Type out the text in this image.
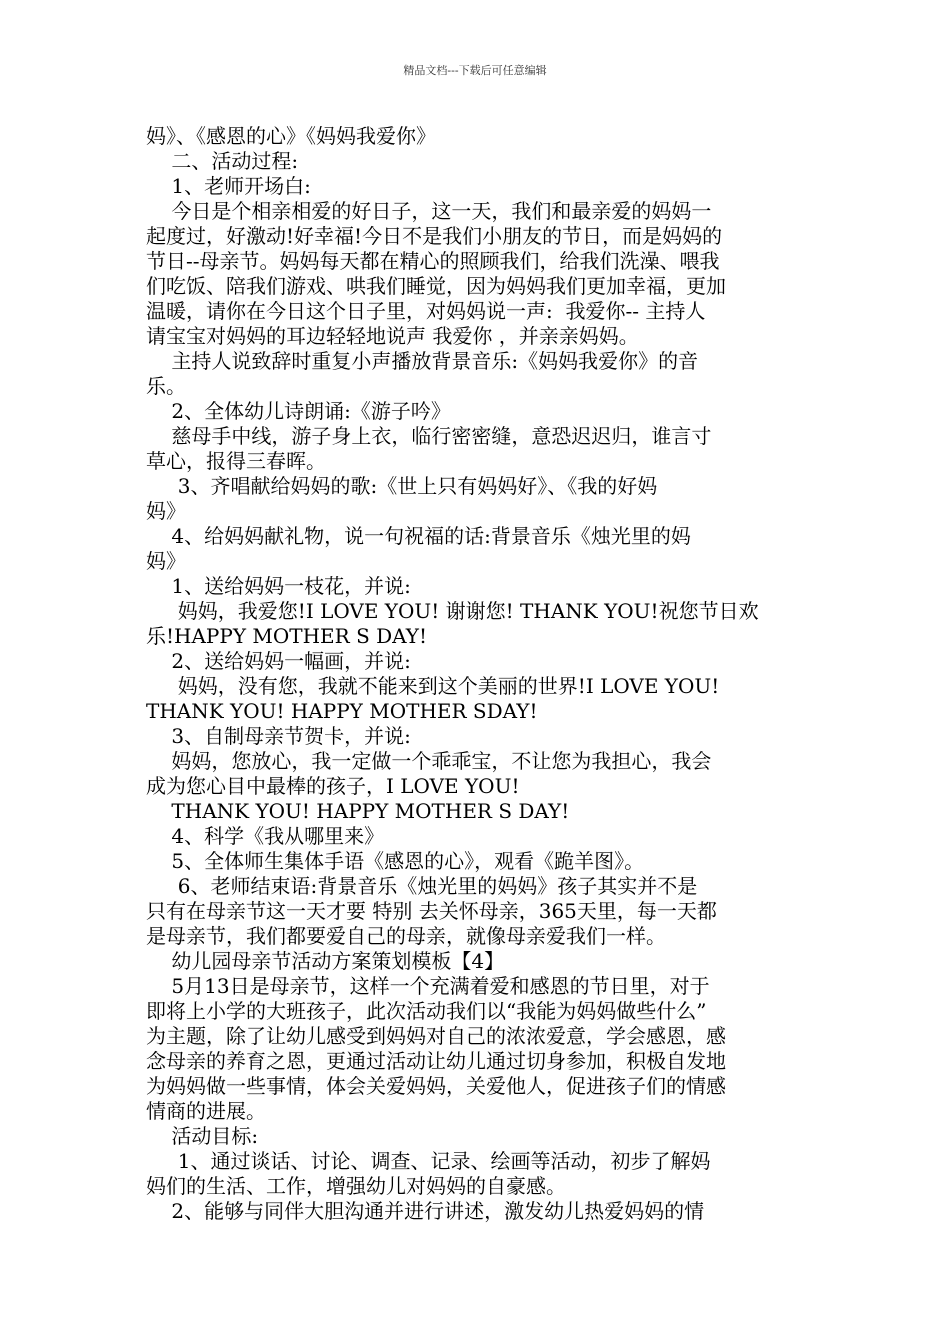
精品文档---下载后可任意编辑
妈》、《感恩的心》《妈妈我爱你》
二、活动过程:
1、老师开场白:
今日是个相亲相爱的好日子，这一天，我们和最亲爱的妈妈一
起度过，好激动!好幸福!今日不是我们小朋友的节日，而是妈妈的
节日--母亲节。妈妈每天都在精心的照顾我们，给我们洗澡、喂我
们吃饭、陪我们游戏、哄我们睡觉，因为妈妈我们更加幸福，更加
温暖，请你在今日这个日子里，对妈妈说一声:  我爱你-- 主持人
请宝宝对妈妈的耳边轻轻地说声 我爱你 ，并亲亲妈妈。
主持人说致辞时重复小声播放背景音乐:《妈妈我爱你》的音
乐。
2、全体幼儿诗朗诵:《游子吟》
慈母手中线，游子身上衣，临行密密缝，意恐迟迟归，谁言寸
草心，报得三春晖。
3、齐唱献给妈妈的歌:《世上只有妈妈好》、《我的好妈
妈》
4、给妈妈献礼物，说一句祝福的话:背景音乐《烛光里的妈
妈》
1、送给妈妈一枝花，并说:
妈妈，我爱您!I LOVE YOU! 谢谢您! THANK YOU!祝您节日欢
乐!HAPPY MOTHER S DAY!
2、送给妈妈一幅画，并说:
妈妈，没有您，我就不能来到这个美丽的世界!I LOVE YOU!
THANK YOU! HAPPY MOTHER SDAY!
3、自制母亲节贺卡，并说:
妈妈，您放心，我一定做一个乖乖宝，不让您为我担心，我会
成为您心目中最棒的孩子，I LOVE YOU!
THANK YOU! HAPPY MOTHER S DAY!
4、科学《我从哪里来》
5、全体师生集体手语《感恩的心》，观看《跪羊图》。
6、老师结束语:背景音乐《烛光里的妈妈》孩子其实并不是
只有在母亲节这一天才要 特别 去关怀母亲，365天里，每一天都
是母亲节，我们都要爱自己的母亲，就像母亲爱我们一样。
幼儿园母亲节活动方案策划模板【4】
5月13日是母亲节，这样一个充满着爱和感恩的节日里，对于
即将上小学的大班孩子，此次活动我们以“我能为妈妈做些什么”
为主题，除了让幼儿感受到妈妈对自己的浓浓爱意，学会感恩，感
念母亲的养育之恩，更通过活动让幼儿通过切身参加，积极自发地
为妈妈做一些事情，体会关爱妈妈，关爱他人，促进孩子们的情感
情商的进展。
活动目标:
1、通过谈话、讨论、调查、记录、绘画等活动，初步了解妈
妈们的生活、工作，增强幼儿对妈妈的自豪感。
2、能够与同伴大胆沟通并进行讲述，激发幼儿热爱妈妈的情
